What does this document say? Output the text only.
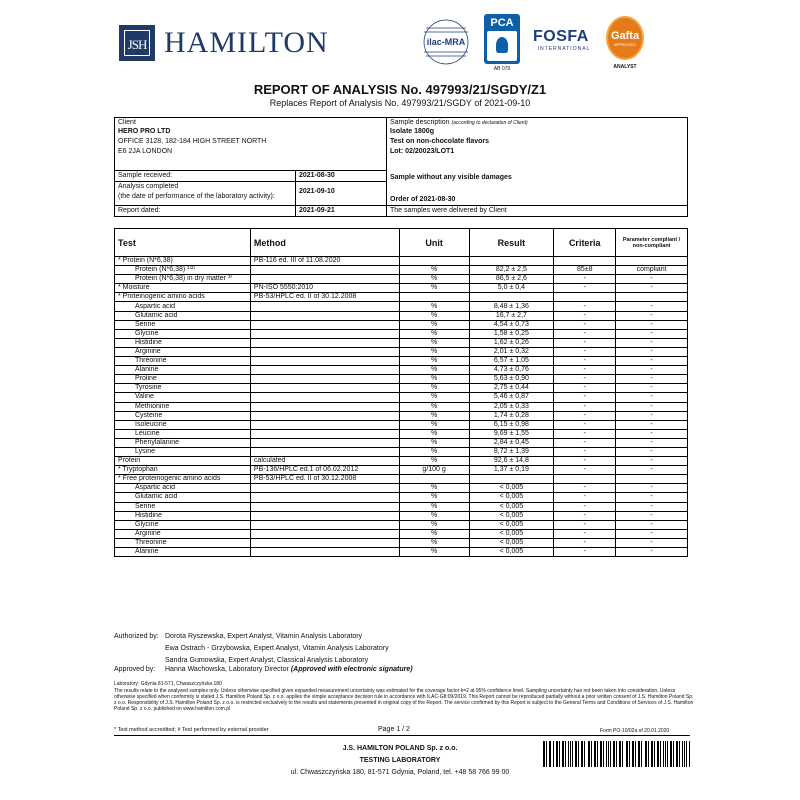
JSH HAMILTON	ilac-MRA
PCA
AB 079
FOSFA
INTERNATIONAL
Gafta
APPROVED
ANALYST
REPORT OF ANALYSIS No. 497993/21/SGDY/Z1
Replaces Report of Analysis No. 497993/21/SGDY of 2021-09-10
Client
HERO PRO LTD
OFFICE 3128, 182-184 HIGH STREET NORTH
E6 2JA LONDON
Sample received:	2021-08-30
Analysis completed
(the date of performance of the laboratory activity):
2021-09-10
Report dated:	2021-09-21
Sample description (according to declaration of Client)
Isolate 1800g
Test on non-chocolate flavors
Lot: 02/20023/LOT1
Sample without any visible damages
Order of 2021-08-30
The samples were delivered by Client
Test	Method	Unit	Result	Criteria	Parameter compliant / non-compliant
* Protein (N*6,38)	PB-116 ed. III of 11.08.2020				
Protein (N*6,38) ¹⁾²⁾		%	82,2 ± 2,5	85±8	compliant
Protein (N*6,38) in dry matter ³⁾		%	86,5 ± 2,6	-	-
* Moisture	PN-ISO 5550:2010	%	5,0 ± 0,4	-	-
* Proteinogenic amino acids	PB-53/HPLC ed. II of 30.12.2008				
Aspartic acid		%	8,48 ± 1,36	-	-
Glutamic acid		%	16,7 ± 2,7	-	-
Serine		%	4,54 ± 0,73	-	-
Glycine		%	1,58 ± 0,25	-	-
Histidine		%	1,62 ± 0,26	-	-
Arginine		%	2,01 ± 0,32	-	-
Threonine		%	6,57 ± 1,05	-	-
Alanine		%	4,73 ± 0,76	-	-
Proline		%	5,63 ± 0,90	-	-
Tyrosine		%	2,75 ± 0,44	-	-
Valine		%	5,46 ± 0,87	-	-
Methionine		%	2,05 ± 0,33	-	-
Cysteine		%	1,74 ± 0,28	-	-
Isoleucine		%	6,15 ± 0,98	-	-
Leucine		%	9,69 ± 1,55	-	-
Phenylalanine		%	2,84 ± 0,45	-	-
Lysine		%	8,72 ± 1,39	-	-
Protein	calculated	%	92,6 ± 14,8	-	-
* Tryptophan	PB-136/HPLC ed.1 of 06.02.2012	g/100 g	1,37 ± 0,19	-	-
* Free proteinogenic amino acids	PB-53/HPLC ed. II of 30.12.2008				
Aspartic acid		%	< 0,005	-	-
Glutamic acid		%	< 0,005	-	-
Serine		%	< 0,005	-	-
Histidine		%	< 0,005	-	-
Glycine		%	< 0,005	-	-
Arginine		%	< 0,005	-	-
Threonine		%	< 0,005	-	-
Alanine		%	< 0,005	-	-
Authorized by: Dorota Ryszewska, Expert Analyst, Vitamin Analysis Laboratory
Ewa Ostrach - Grzybowska, Expert Analyst, Vitamin Analysis Laboratory
Sandra Gumowska, Expert Analyst, Classical Analysis Laboratory
Approved by: Hanna Wachowska, Laboratory Director (Approved with electronic signature)
Laboratory: Gdynia 81-571, Chwaszczyńska 180
The results relate to the analysed samples only. Unless otherwise specified given expanded measurement uncertainty was estimated for the coverage factor k=2 at 95% confidence level. Sampling uncertainty has not been taken into consideration. Unless otherwise specified when conformity is stated J.S. Hamilton Poland Sp. z o.o. applies the simple acceptance decision rule in accordance with ILAC-G8:09/2019. This Report cannot be reproduced partially without a prior written consent of J.S. Hamilton Poland Sp. z o.o. Responsibility of J.S. Hamilton Poland Sp. z o.o. is restricted exclusively to the results and statements presented in original copy of the Report. The service confirmed by this Report is subject to the General Terms and Conditions of Services of J.S. Hamilton Poland Sp. z o.o. published on www.hamilton.com.pl
* Test method accredited; # Test performed by external provider	Page 1 / 2	Form PO-10/02a of 20.01.2020
J.S. HAMILTON POLAND Sp. z o.o.
TESTING LABORATORY
ul. Chwaszczyńska 180, 81-571 Gdynia, Poland, tel. +48 58 766 99 00
